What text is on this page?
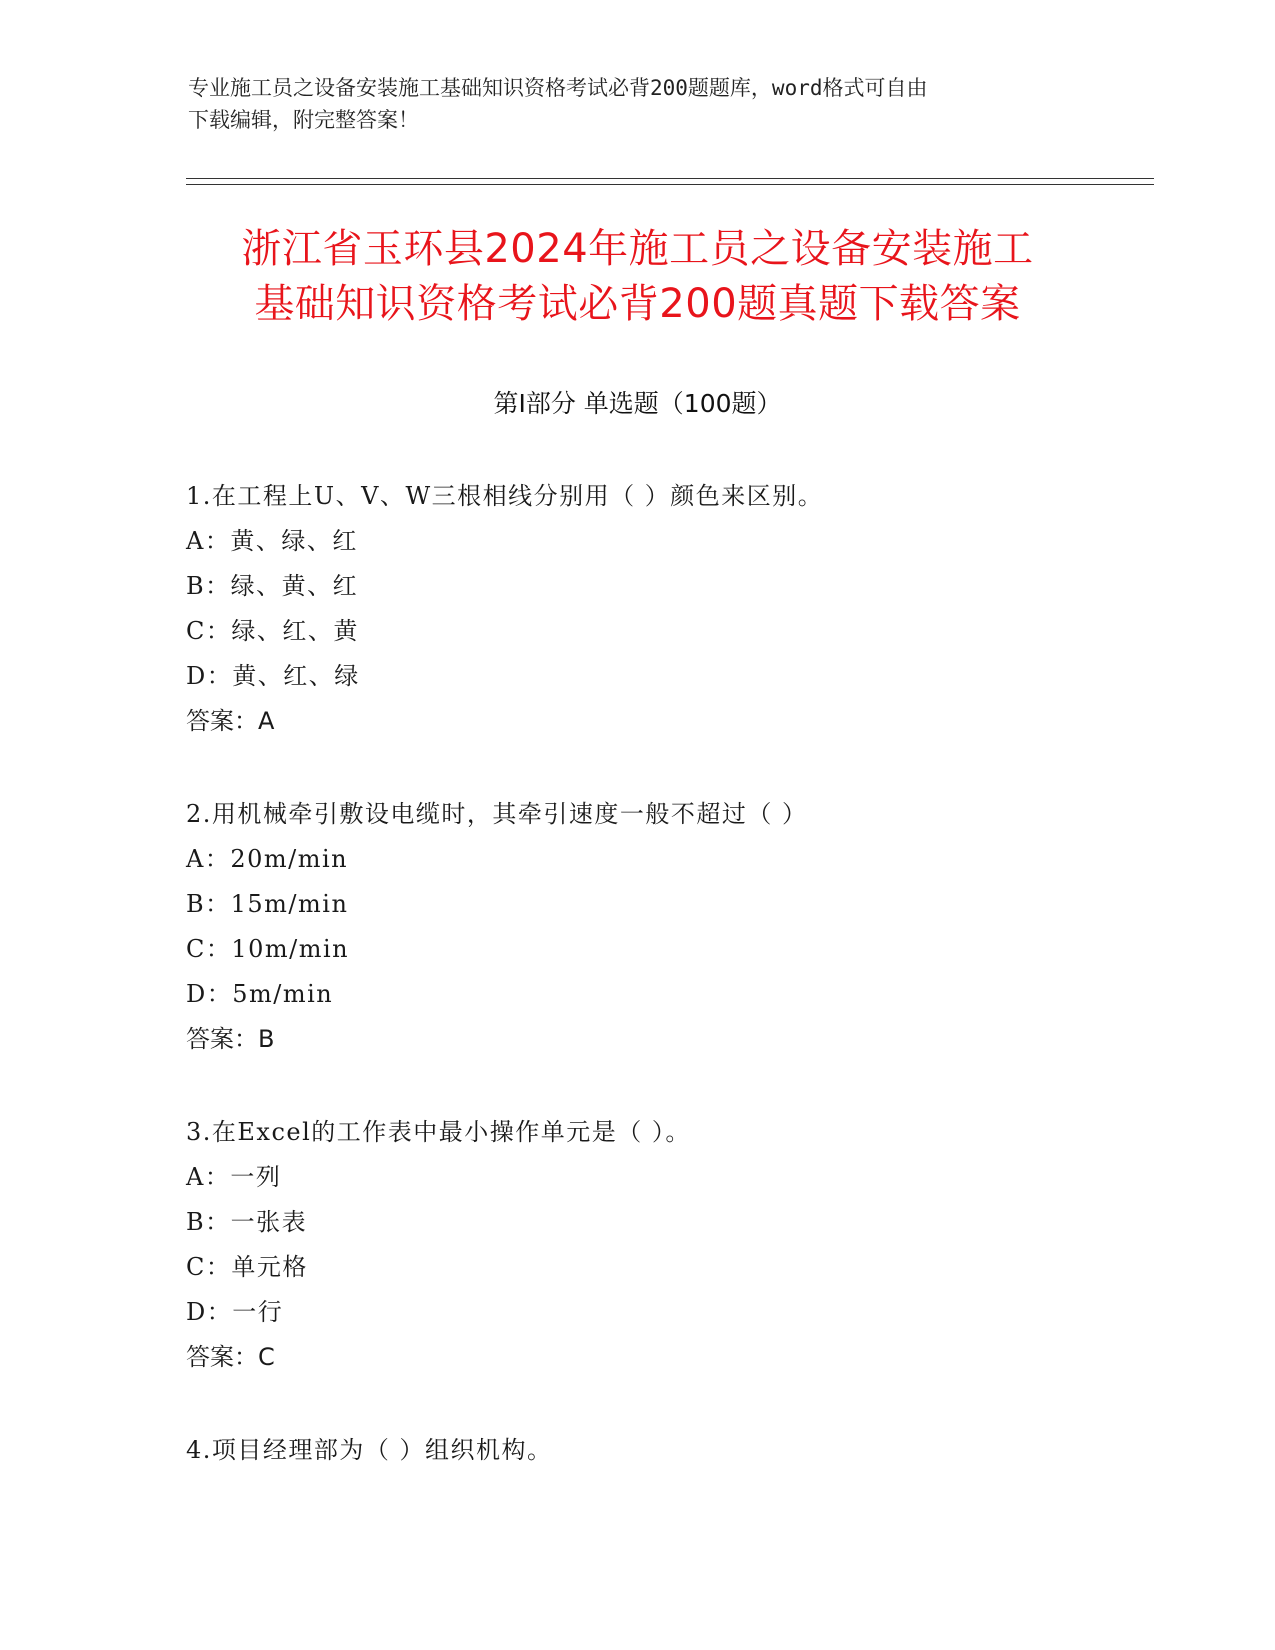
专业施工员之设备安装施工基础知识资格考试必背200题题库，word格式可自由
下载编辑，附完整答案！
浙江省玉环县2024年施工员之设备安装施工
基础知识资格考试必背200题真题下载答案
第Ⅰ部分 单选题（100题）
1.在工程上U、V、W三根相线分别用（ ）颜色来区别。
A：黄、绿、红
B：绿、黄、红
C：绿、红、黄
D：黄、红、绿
答案：A
2.用机械牵引敷设电缆时，其牵引速度一般不超过（ ）
A：20m/min
B：15m/min
C：10m/min
D：5m/min
答案：B
3.在Excel的工作表中最小操作单元是（ ）。
A：一列
B：一张表
C：单元格
D：一行
答案：C
4.项目经理部为（ ）组织机构。
